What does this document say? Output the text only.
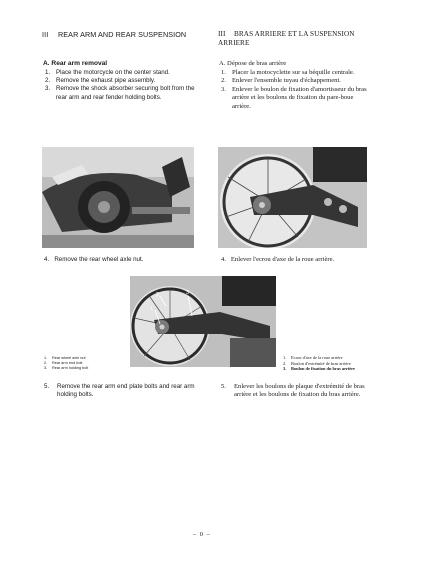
III REAR ARM AND REAR SUSPENSION
A. Rear arm removal
1. Place the motorcycle on the center stand.
2. Remove the exhaust pipe assembly.
3. Remove the shock absorber securing bolt from the rear arm and rear fender holding bolts.
III BRAS ARRIERE ET LA SUSPENSION ARRIERE
A. Dépose de bras arrière
1. Placer la motocyclette sur sa béquille centrale.
2. Enlever l'ensemble tuyau d'échappement.
3. Enlever le boulon de fixation d'amortisseur du bras arrière et les boulons de fixation du pare-boue arrière.
4. Remove the rear wheel axle nut.	4. Enlever l'ecrou d'axe de la roue arrière.
2
1
3
1. Rear wheel axle nut
2. Rear arm end bolt
3. Rear arm holding bolt
1. Ecrou d'axe de la roue arrière
2. Boulon d'extrémité de bras arrière
3. Boulon de fixation du bras arrière
5. Remove the rear arm end plate bolts and rear arm holding bolts.
5. Enlever les boulons de plaque d'extrémité de bras arrière et les boulons de fixation du bras arrière.
– 0 –
